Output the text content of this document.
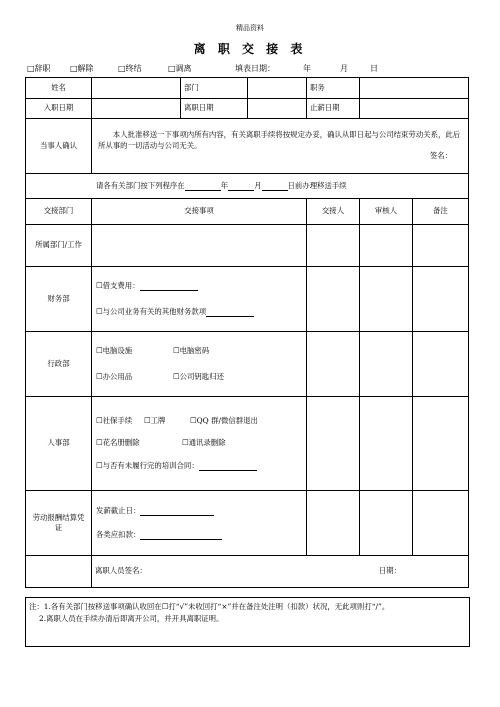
精品资料
离 职 交 接 表
□辞职 □解除	□终结	□调离	填表日期：	年	月	日
姓名		部门		职务	
入职日期		离职日期		止薪日期	
当事人确认	本人批准移送一下事项内所有内容，有关离职手续将按规定办妥，确认从即日起与公司结束劳动关系，此后所从事的一切活动与公司无关。
签名：				

请各有关部门按下列程序在 年 月 日前办理移送手续					
交接部门	交接事项			交接人	审核人 备注

所属部门/工作					

财务部	☐借支费用：
☐与公司业务有关的其他财务款项				

行政部	☐电脑设施 ☐电脑密码
☐办公用品 ☐公司钥匙归还				

人事部	☐社保手续 ☐工牌 ☐QQ 群/微信群退出
☐花名册删除 ☐通讯录删除
☐与否有未履行完的培训合同：				

劳动报酬结算凭证	发薪截止日：
各类应扣款：				

	离职人员签名： 日期：				
注：1.各有关部门按移送事项确认收回在☐打“√”未收回打“×”并在备注处注明（扣款）状况，无此项则打“/”。
2.离职人员在手续办清后即离开公司，并开具离职证明。
